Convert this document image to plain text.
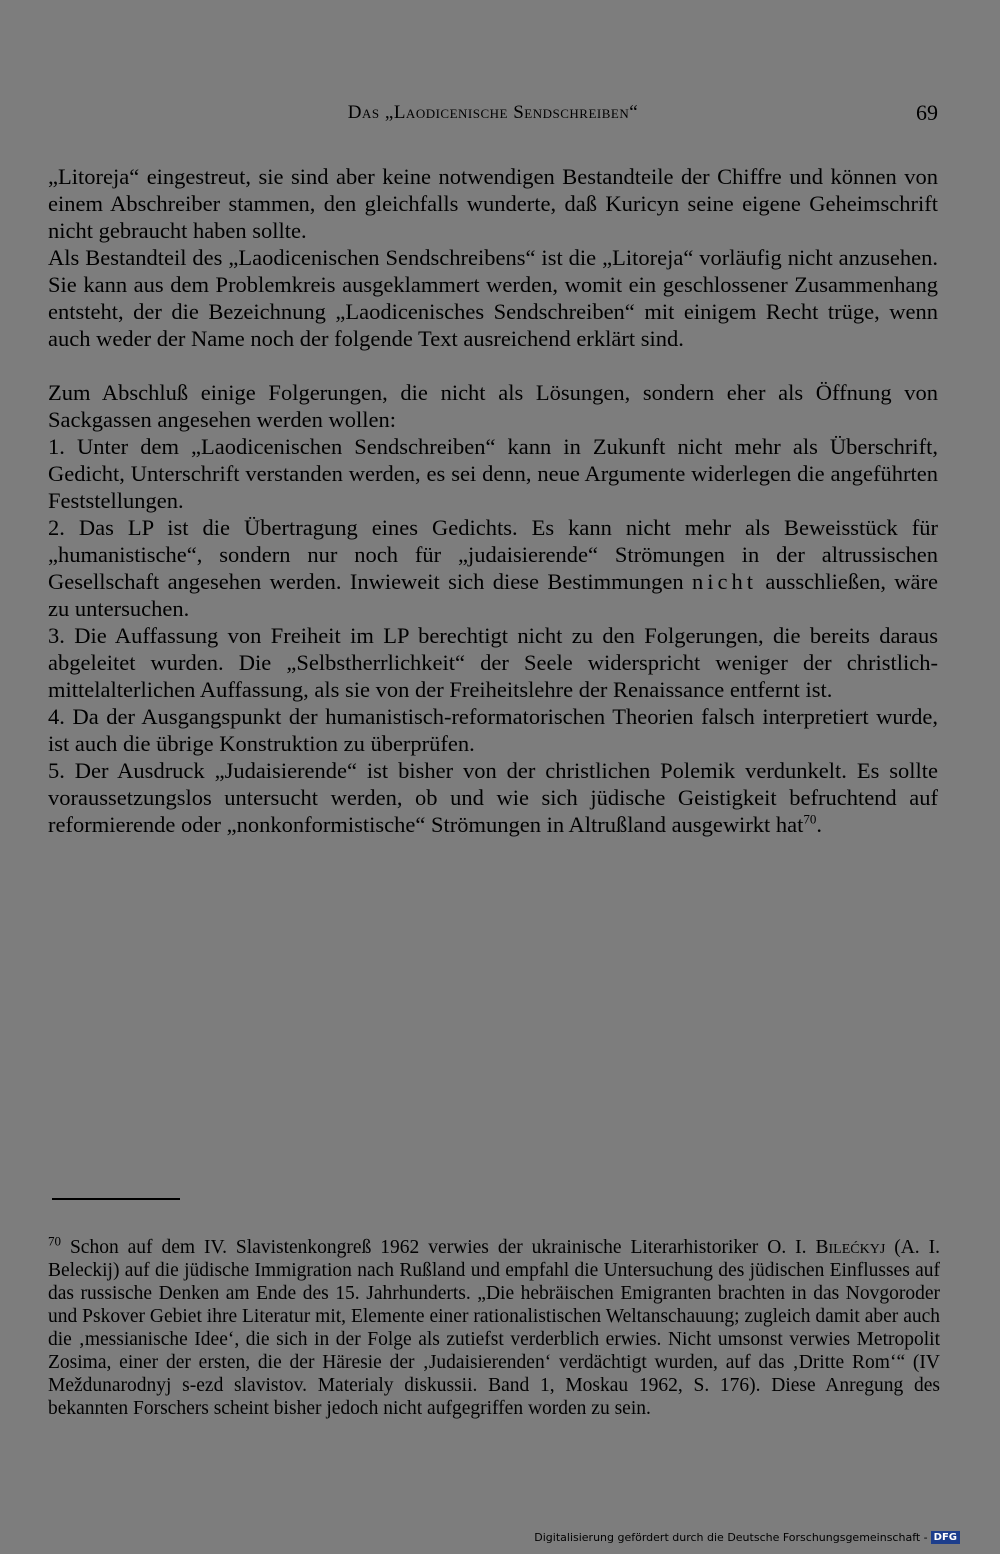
Das „Laodicenische Sendschreiben“	69

„Litoreja“ eingestreut, sie sind aber keine notwendigen Bestandteile der Chiffre und können von einem Abschreiber stammen, den gleichfalls wunderte, daß Kuricyn seine eigene Geheimschrift nicht gebraucht haben sollte.

Als Bestandteil des „Laodicenischen Sendschreibens“ ist die „Litoreja“ vorläufig nicht anzusehen. Sie kann aus dem Problemkreis ausgeklammert werden, womit ein geschlossener Zusammenhang entsteht, der die Bezeichnung „Laodicenisches Sendschreiben“ mit einigem Recht trüge, wenn auch weder der Name noch der folgende Text ausreichend erklärt sind.

Zum Abschluß einige Folgerungen, die nicht als Lösungen, sondern eher als Öffnung von Sackgassen angesehen werden wollen:

1. Unter dem „Laodicenischen Sendschreiben“ kann in Zukunft nicht mehr als Überschrift, Gedicht, Unterschrift verstanden werden, es sei denn, neue Argumente widerlegen die angeführten Feststellungen.

2. Das LP ist die Übertragung eines Gedichts. Es kann nicht mehr als Beweisstück für „humanistische“, sondern nur noch für „judaisierende“ Strömungen in der altrussischen Gesellschaft angesehen werden. Inwieweit sich diese Bestimmungen nicht ausschließen, wäre zu untersuchen.

3. Die Auffassung von Freiheit im LP berechtigt nicht zu den Folgerungen, die bereits daraus abgeleitet wurden. Die „Selbstherrlichkeit“ der Seele widerspricht weniger der christlich-mittelalterlichen Auffassung, als sie von der Freiheitslehre der Renaissance entfernt ist.

4. Da der Ausgangspunkt der humanistisch-reformatorischen Theorien falsch interpretiert wurde, ist auch die übrige Konstruktion zu überprüfen.

5. Der Ausdruck „Judaisierende“ ist bisher von der christlichen Polemik verdunkelt. Es sollte voraussetzungslos untersucht werden, ob und wie sich jüdische Geistigkeit befruchtend auf reformierende oder „nonkonformistische“ Strömungen in Altrußland ausgewirkt hat$^{70}$.

$^{70}$ Schon auf dem IV. Slavistenkongreß 1962 verwies der ukrainische Literarhistoriker O. I. Bilećkyj (A. I. Beleckij) auf die jüdische Immigration nach Rußland und empfahl die Untersuchung des jüdischen Einflusses auf das russische Denken am Ende des 15. Jahrhunderts. „Die hebräischen Emigranten brachten in das Novgoroder und Pskover Gebiet ihre Literatur mit, Elemente einer rationalistischen Weltanschauung; zugleich damit aber auch die ‚messianische Idee‘, die sich in der Folge als zutiefst verderblich erwies. Nicht umsonst verwies Metropolit Zosima, einer der ersten, die der Häresie der ‚Judaisierenden‘ verdächtigt wurden, auf das ‚Dritte Rom‘“ (IV Meždunarodnyj s-ezd slavistov. Materialy diskussii. Band 1, Moskau 1962, S. 176). Diese Anregung des bekannten Forschers scheint bisher jedoch nicht aufgegriffen worden zu sein.

Digitalisierung gefördert durch die Deutsche Forschungsgemeinschaft - DFG
